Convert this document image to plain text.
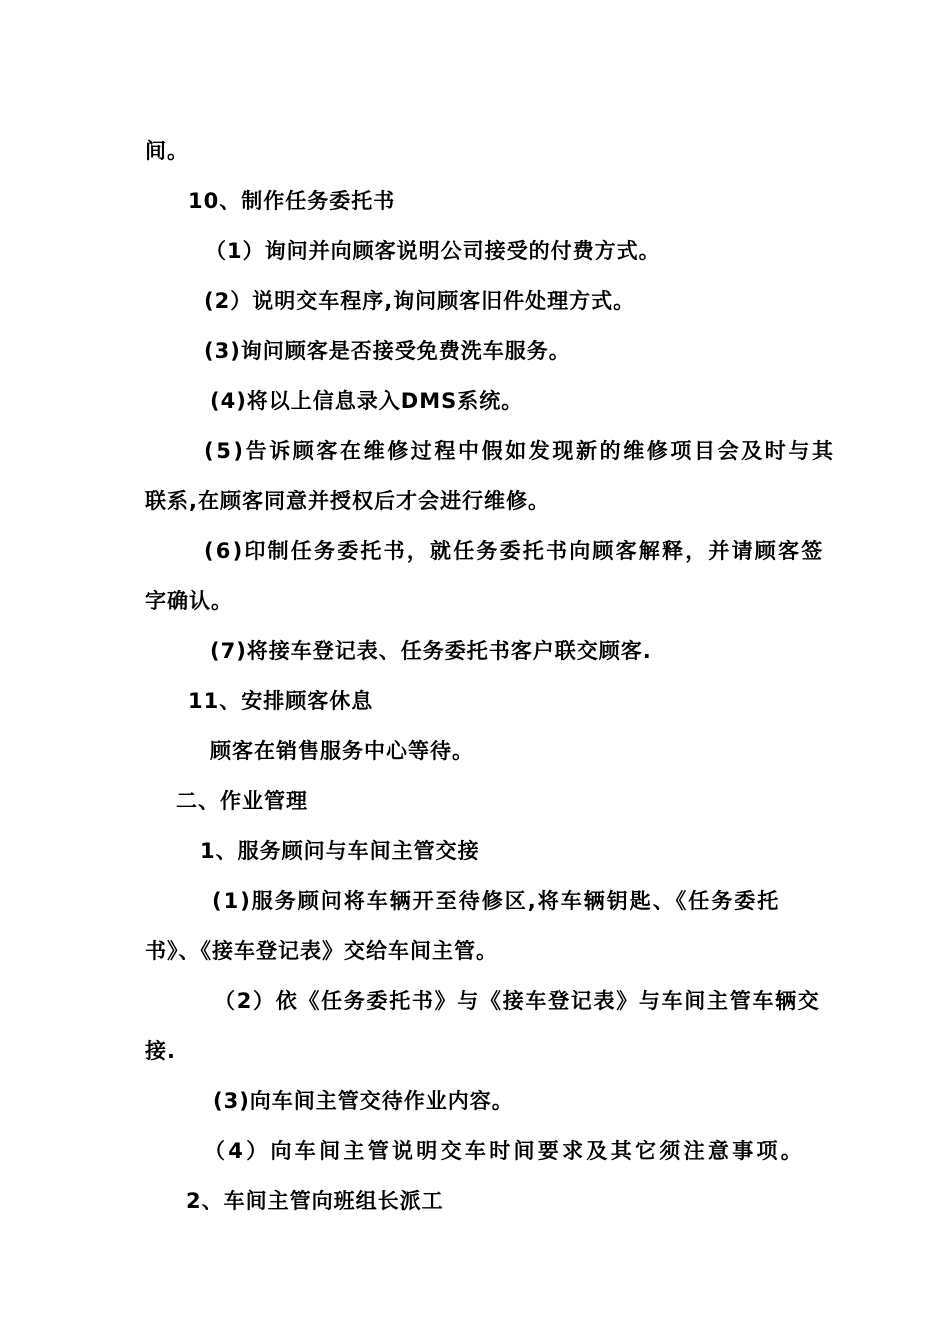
间。
10、制作任务委托书
（1）询问并向顾客说明公司接受的付费方式。
(2）说明交车程序,询问顾客旧件处理方式。
(3)询问顾客是否接受免费洗车服务。
(4)将以上信息录入DMS系统。
(5)告诉顾客在维修过程中假如发现新的维修项目会及时与其
联系,在顾客同意并授权后才会进行维修。
(6)印制任务委托书，就任务委托书向顾客解释，并请顾客签
字确认。
(7)将接车登记表、任务委托书客户联交顾客.
11、安排顾客休息
顾客在销售服务中心等待。
二、作业管理
1、服务顾问与车间主管交接
(1)服务顾问将车辆开至待修区,将车辆钥匙、《任务委托
书》、《接车登记表》交给车间主管。
（2）依《任务委托书》与《接车登记表》与车间主管车辆交
接.
(3)向车间主管交待作业内容。
（4）向车间主管说明交车时间要求及其它须注意事项。
2、车间主管向班组长派工
